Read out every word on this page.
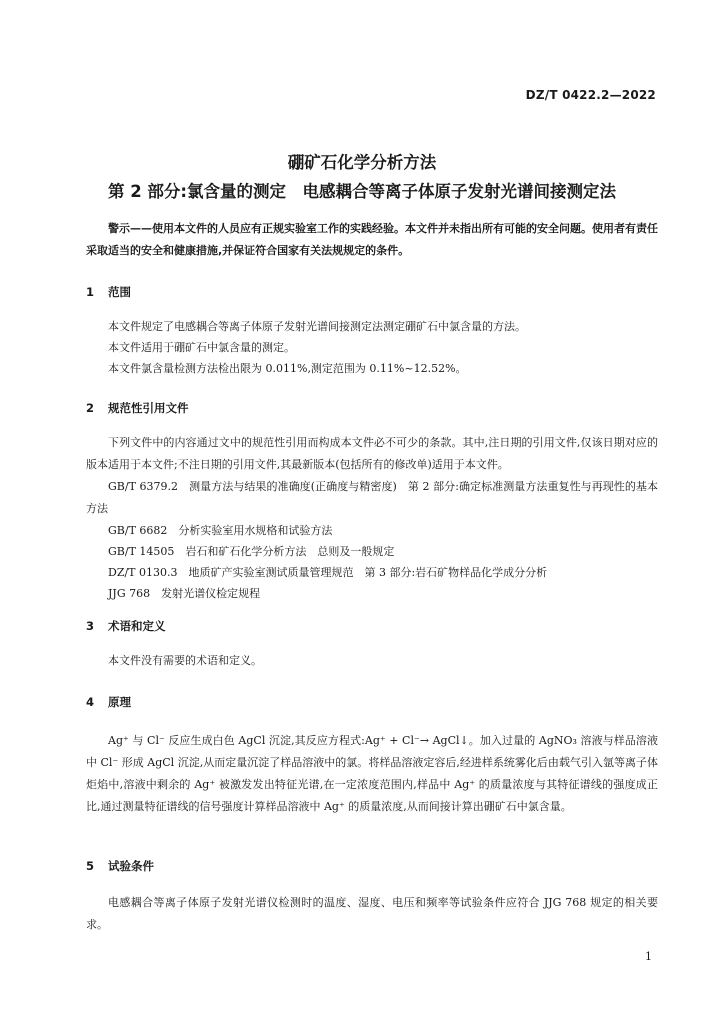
DZ/T 0422.2—2022
硼矿石化学分析方法
第 2 部分:氯含量的测定　电感耦合等离子体原子发射光谱间接测定法
警示——使用本文件的人员应有正规实验室工作的实践经验。本文件并未指出所有可能的安全问题。使用者有责任采取适当的安全和健康措施,并保证符合国家有关法规规定的条件。
1 范围
本文件规定了电感耦合等离子体原子发射光谱间接测定法测定硼矿石中氯含量的方法。
本文件适用于硼矿石中氯含量的测定。
本文件氯含量检测方法检出限为 0.011%,测定范围为 0.11%~12.52%。
2 规范性引用文件
下列文件中的内容通过文中的规范性引用而构成本文件必不可少的条款。其中,注日期的引用文件,仅该日期对应的版本适用于本文件;不注日期的引用文件,其最新版本(包括所有的修改单)适用于本文件。
GB/T 6379.2　测量方法与结果的准确度(正确度与精密度)　第 2 部分:确定标准测量方法重复性与再现性的基本方法
GB/T 6682　分析实验室用水规格和试验方法
GB/T 14505　岩石和矿石化学分析方法　总则及一般规定
DZ/T 0130.3　地质矿产实验室测试质量管理规范　第 3 部分:岩石矿物样品化学成分分析
JJG 768　发射光谱仪检定规程
3 术语和定义
本文件没有需要的术语和定义。
4 原理
Ag⁺ 与 Cl⁻ 反应生成白色 AgCl 沉淀,其反应方程式:Ag⁺ + Cl⁻→ AgCl↓。加入过量的 AgNO₃ 溶液与样品溶液中 Cl⁻ 形成 AgCl 沉淀,从而定量沉淀了样品溶液中的氯。将样品溶液定容后,经进样系统雾化后由载气引入氩等离子体炬焰中,溶液中剩余的 Ag⁺ 被激发发出特征光谱,在一定浓度范围内,样品中 Ag⁺ 的质量浓度与其特征谱线的强度成正比,通过测量特征谱线的信号强度计算样品溶液中 Ag⁺ 的质量浓度,从而间接计算出硼矿石中氯含量。
5 试验条件
电感耦合等离子体原子发射光谱仪检测时的温度、湿度、电压和频率等试验条件应符合 JJG 768 规定的相关要求。
1
